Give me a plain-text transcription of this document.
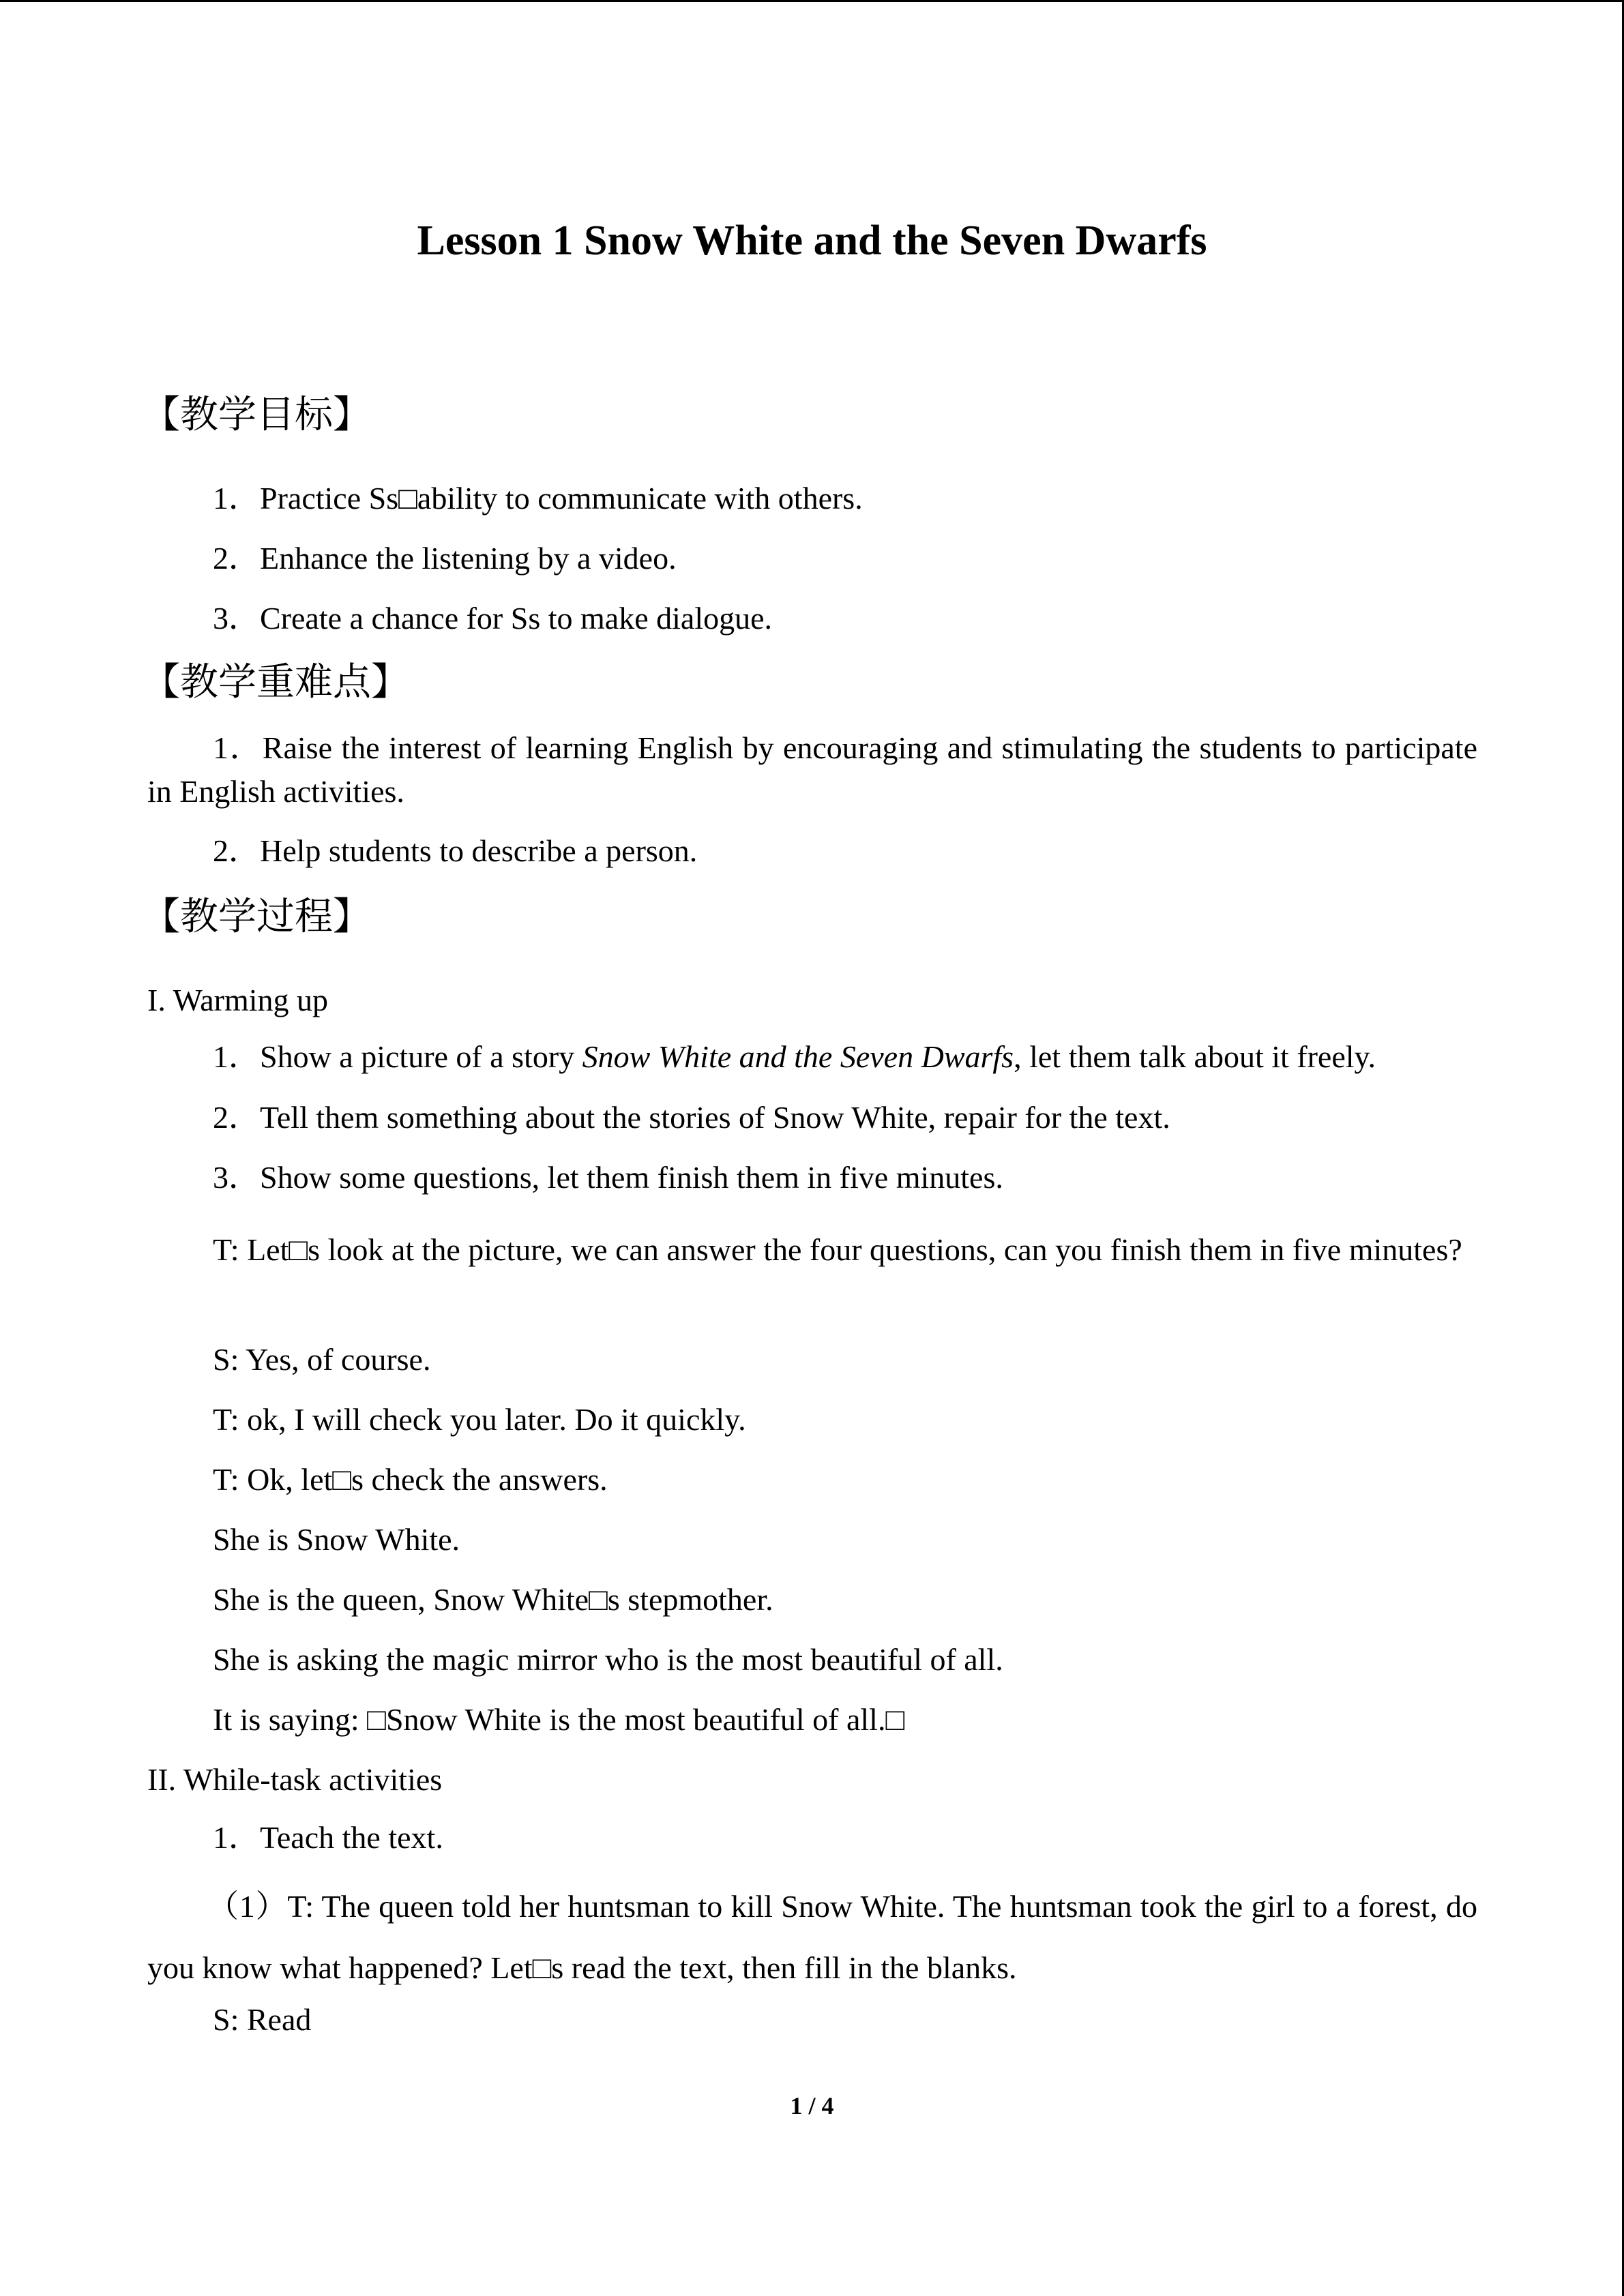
Lesson 1 Snow White and the Seven Dwarfs
【教学目标】
1．Practice Ss□ability to communicate with others.
2．Enhance the listening by a video.
3．Create a chance for Ss to make dialogue.
【教学重难点】
1．Raise the interest of learning English by encouraging and stimulating the students to participate in English activities.
2．Help students to describe a person.
【教学过程】
I. Warming up
1．Show a picture of a story Snow White and the Seven Dwarfs, let them talk about it freely.
2．Tell them something about the stories of Snow White, repair for the text.
3．Show some questions, let them finish them in five minutes.
T: Let□s look at the picture, we can answer the four questions, can you finish them in five minutes?
S: Yes, of course.
T: ok, I will check you later. Do it quickly.
T: Ok, let□s check the answers.
She is Snow White.
She is the queen, Snow White□s stepmother.
She is asking the magic mirror who is the most beautiful of all.
It is saying: □Snow White is the most beautiful of all.□
II. While-task activities
1．Teach the text.
（1）T: The queen told her huntsman to kill Snow White. The huntsman took the girl to a forest, do you know what happened? Let□s read the text, then fill in the blanks.
S: Read
1 / 4
